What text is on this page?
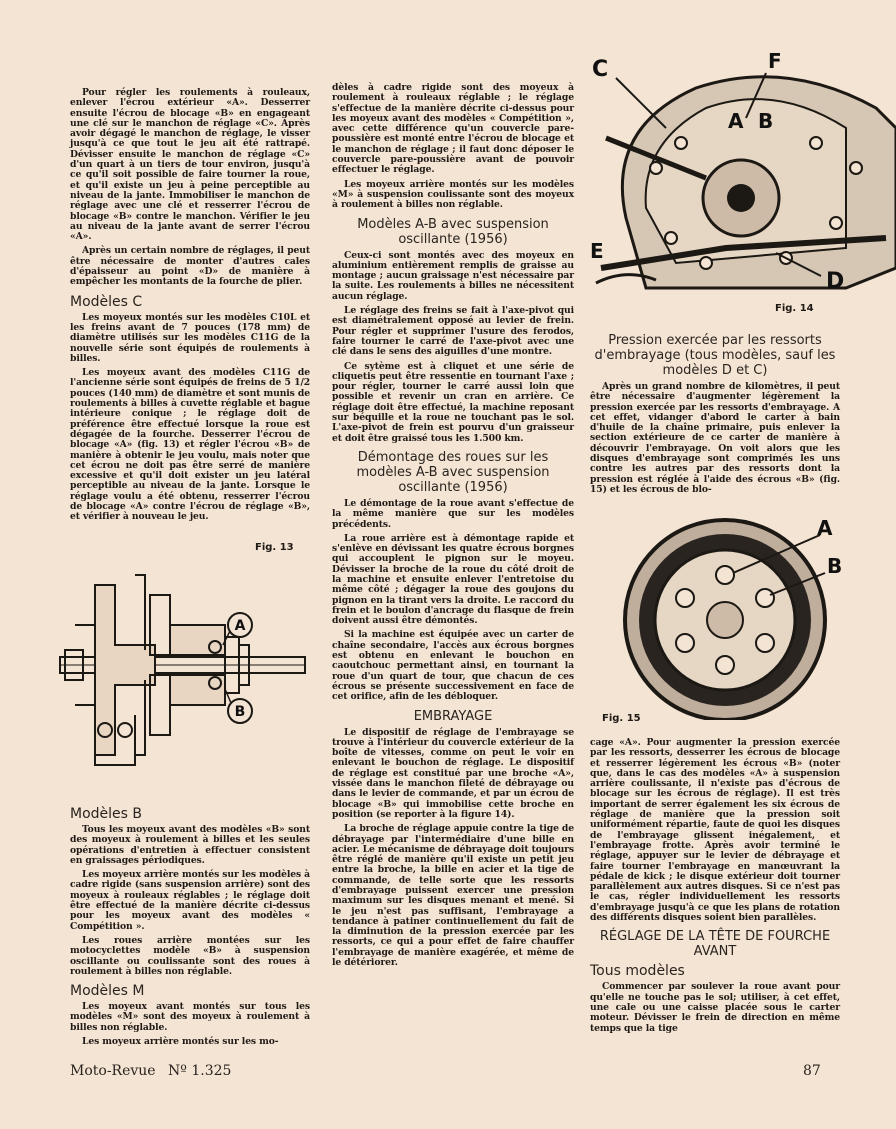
Pour régler les roulements à rouleaux, enlever l'écrou extérieur «A». Desserrer ensuite l'écrou de blocage «B» en engageant une clé sur le manchon de réglage «C». Après avoir dégagé le manchon de réglage, le visser jusqu'à ce que tout le jeu ait été rattrapé. Dévisser ensuite le manchon de réglage «C» d'un quart à un tiers de tour environ, jusqu'à ce qu'il soit possible de faire tourner la roue, et qu'il existe un jeu à peine perceptible au niveau de la jante. Immobiliser le manchon de réglage avec une clé et resserrer l'écrou de blocage «B» contre le manchon. Vérifier le jeu au niveau de la jante avant de serrer l'écrou «A».

Après un certain nombre de réglages, il peut être nécessaire de monter d'autres cales d'épaisseur au point «D» de manière à empêcher les montants de la fourche de plier.

Modèles C

Les moyeux montés sur les modèles C10L et les freins avant de 7 pouces (178 mm) de diamètre utilisés sur les modèles C11G de la nouvelle série sont équipés de roulements à billes.

Les moyeux avant des modèles C11G de l'ancienne série sont équipés de freins de 5 1/2 pouces (140 mm) de diamètre et sont munis de roulements à billes à cuvette réglable et bague intérieure conique ; le réglage doit de préférence être effectué lorsque la roue est dégagée de la fourche. Desserrer l'écrou de blocage «A» (fig. 13) et régler l'écrou «B» de manière à obtenir le jeu voulu, mais noter que cet écrou ne doit pas être serré de manière excessive et qu'il doit exister un jeu latéral perceptible au niveau de la jante. Lorsque le réglage voulu a été obtenu, resserrer l'écrou de blocage «A» contre l'écrou de réglage «B», et vérifier à nouveau le jeu.

Fig. 13
A
B
Modèles B

Tous les moyeux avant des modèles «B» sont des moyeux à roulement à billes et les seules opérations d'entretien à effectuer consistent en graissages périodiques.

Les moyeux arrière montés sur les modèles à cadre rigide (sans suspension arrière) sont des moyeux à rouleaux réglables ; le réglage doit être effectué de la manière décrite ci-dessus pour les moyeux avant des modèles « Compétition ».

Les roues arrière montées sur les motocyclettes modèle «B» à suspension oscillante ou coulissante sont des roues à roulement à billes non réglable.

Modèles M

Les moyeux avant montés sur tous les modèles «M» sont des moyeux à roulement à billes non réglable.

Les moyeux arrière montés sur les mo-

dèles à cadre rigide sont des moyeux à roulement à rouleaux réglable ; le réglage s'effectue de la manière décrite ci-dessus pour les moyeux avant des modèles « Compétition », avec cette différence qu'un couvercle pare-poussière est monté entre l'écrou de blocage et le manchon de réglage ; il faut donc déposer le couvercle pare-poussière avant de pouvoir effectuer le réglage.

Les moyeux arrière montés sur les modèles «M» à suspension coulissante sont des moyeux à roulement à billes non réglable.

Modèles A-B avec suspension oscillante (1956)

Ceux-ci sont montés avec des moyeux en aluminium entièrement remplis de graisse au montage ; aucun graissage n'est nécessaire par la suite. Les roulements à billes ne nécessitent aucun réglage.

Le réglage des freins se fait à l'axe-pivot qui est diamétralement opposé au levier de frein. Pour régler et supprimer l'usure des ferodos, faire tourner le carré de l'axe-pivot avec une clé dans le sens des aiguilles d'une montre.

Ce sytème est à cliquet et une série de cliquetis peut être ressentie en tournant l'axe ; pour régler, tourner le carré aussi loin que possible et revenir un cran en arrière. Ce réglage doit être effectué, la machine reposant sur béquille et la roue ne touchant pas le sol. L'axe-pivot de frein est pourvu d'un graisseur et doit être graissé tous les 1.500 km.

Démontage des roues sur les modèles A-B avec suspension oscillante (1956)

Le démontage de la roue avant s'effectue de la même manière que sur les modèles précédents.

La roue arrière est à démontage rapide et s'enlève en dévissant les quatre écrous borgnes qui accouplent le pignon sur le moyeu. Dévisser la broche de la roue du côté droit de la machine et ensuite enlever l'entretoise du même côté ; dégager la roue des goujons du pignon en la tirant vers la droite. Le raccord du frein et le boulon d'ancrage du flasque de frein doivent aussi être démontés.

Si la machine est équipée avec un carter de chaîne secondaire, l'accès aux écrous borgnes est obtenu en enlevant le bouchon en caoutchouc permettant ainsi, en tournant la roue d'un quart de tour, que chacun de ces écrous se présente successivement en face de cet orifice, afin de les débloquer.

EMBRAYAGE

Le dispositif de réglage de l'embrayage se trouve à l'intérieur du couvercle extérieur de la boîte de vitesses, comme on peut le voir en enlevant le bouchon de réglage. Le dispositif de réglage est constitué par une broche «A», vissée dans le manchon fileté de débrayage ou dans le levier de commande, et par un écrou de blocage «B» qui immobilise cette broche en position (se reporter à la figure 14).

La broche de réglage appuie contre la tige de débrayage par l'intermédiaire d'une bille en acier. Le mécanisme de débrayage doit toujours être réglé de manière qu'il existe un petit jeu entre la broche, la bille en acier et la tige de commande, de telle sorte que les ressorts d'embrayage puissent exercer une pression maximum sur les disques menant et mené. Si le jeu n'est pas suffisant, l'embrayage a tendance à patiner continuellement du fait de la diminution de la pression exercée par les ressorts, ce qui a pour effet de faire chauffer l'embrayage de manière exagérée, et même de le détériorer.

C	F
A B
E
D
Fig. 14
Pression exercée par les ressorts d'embrayage (tous modèles, sauf les modèles D et C)

Après un grand nombre de kilomètres, il peut être nécessaire d'augmenter légèrement la pression exercée par les ressorts d'embrayage. A cet effet, vidanger d'abord le carter à bain d'huile de la chaîne primaire, puis enlever la section extérieure de ce carter de manière à découvrir l'embrayage. On voit alors que les disques d'embrayage sont comprimés les uns contre les autres par des ressorts dont la pression est réglée à l'aide des écrous «B» (fig. 15) et les écrous de blo-

A
B
Fig. 15

cage «A». Pour augmenter la pression exercée par les ressorts, desserrer les écrous de blocage et resserrer légèrement les écrous «B» (noter que, dans le cas des modèles «A» à suspension arrière coulissante, il n'existe pas d'écrous de blocage sur les écrous de réglage). Il est très important de serrer également les six écrous de réglage de manière que la pression soit uniformément répartie, faute de quoi les disques de l'embrayage glissent inégalement, et l'embrayage frotte. Après avoir terminé le réglage, appuyer sur le levier de débrayage et faire tourner l'embrayage en manœuvrant la pédale de kick ; le disque extérieur doit tourner parallèlement aux autres disques. Si ce n'est pas le cas, régler individuellement les ressorts d'embrayage jusqu'à ce que les plans de rotation des différents disques soient bien parallèles.

RÉGLAGE DE LA TÊTE DE FOURCHE AVANT
Tous modèles

Commencer par soulever la roue avant pour qu'elle ne touche pas le sol; utiliser, à cet effet, une cale ou une caisse placée sous le carter moteur. Dévisser le frein de direction en même temps que la tige

Moto-Revue Nº 1.325	87
